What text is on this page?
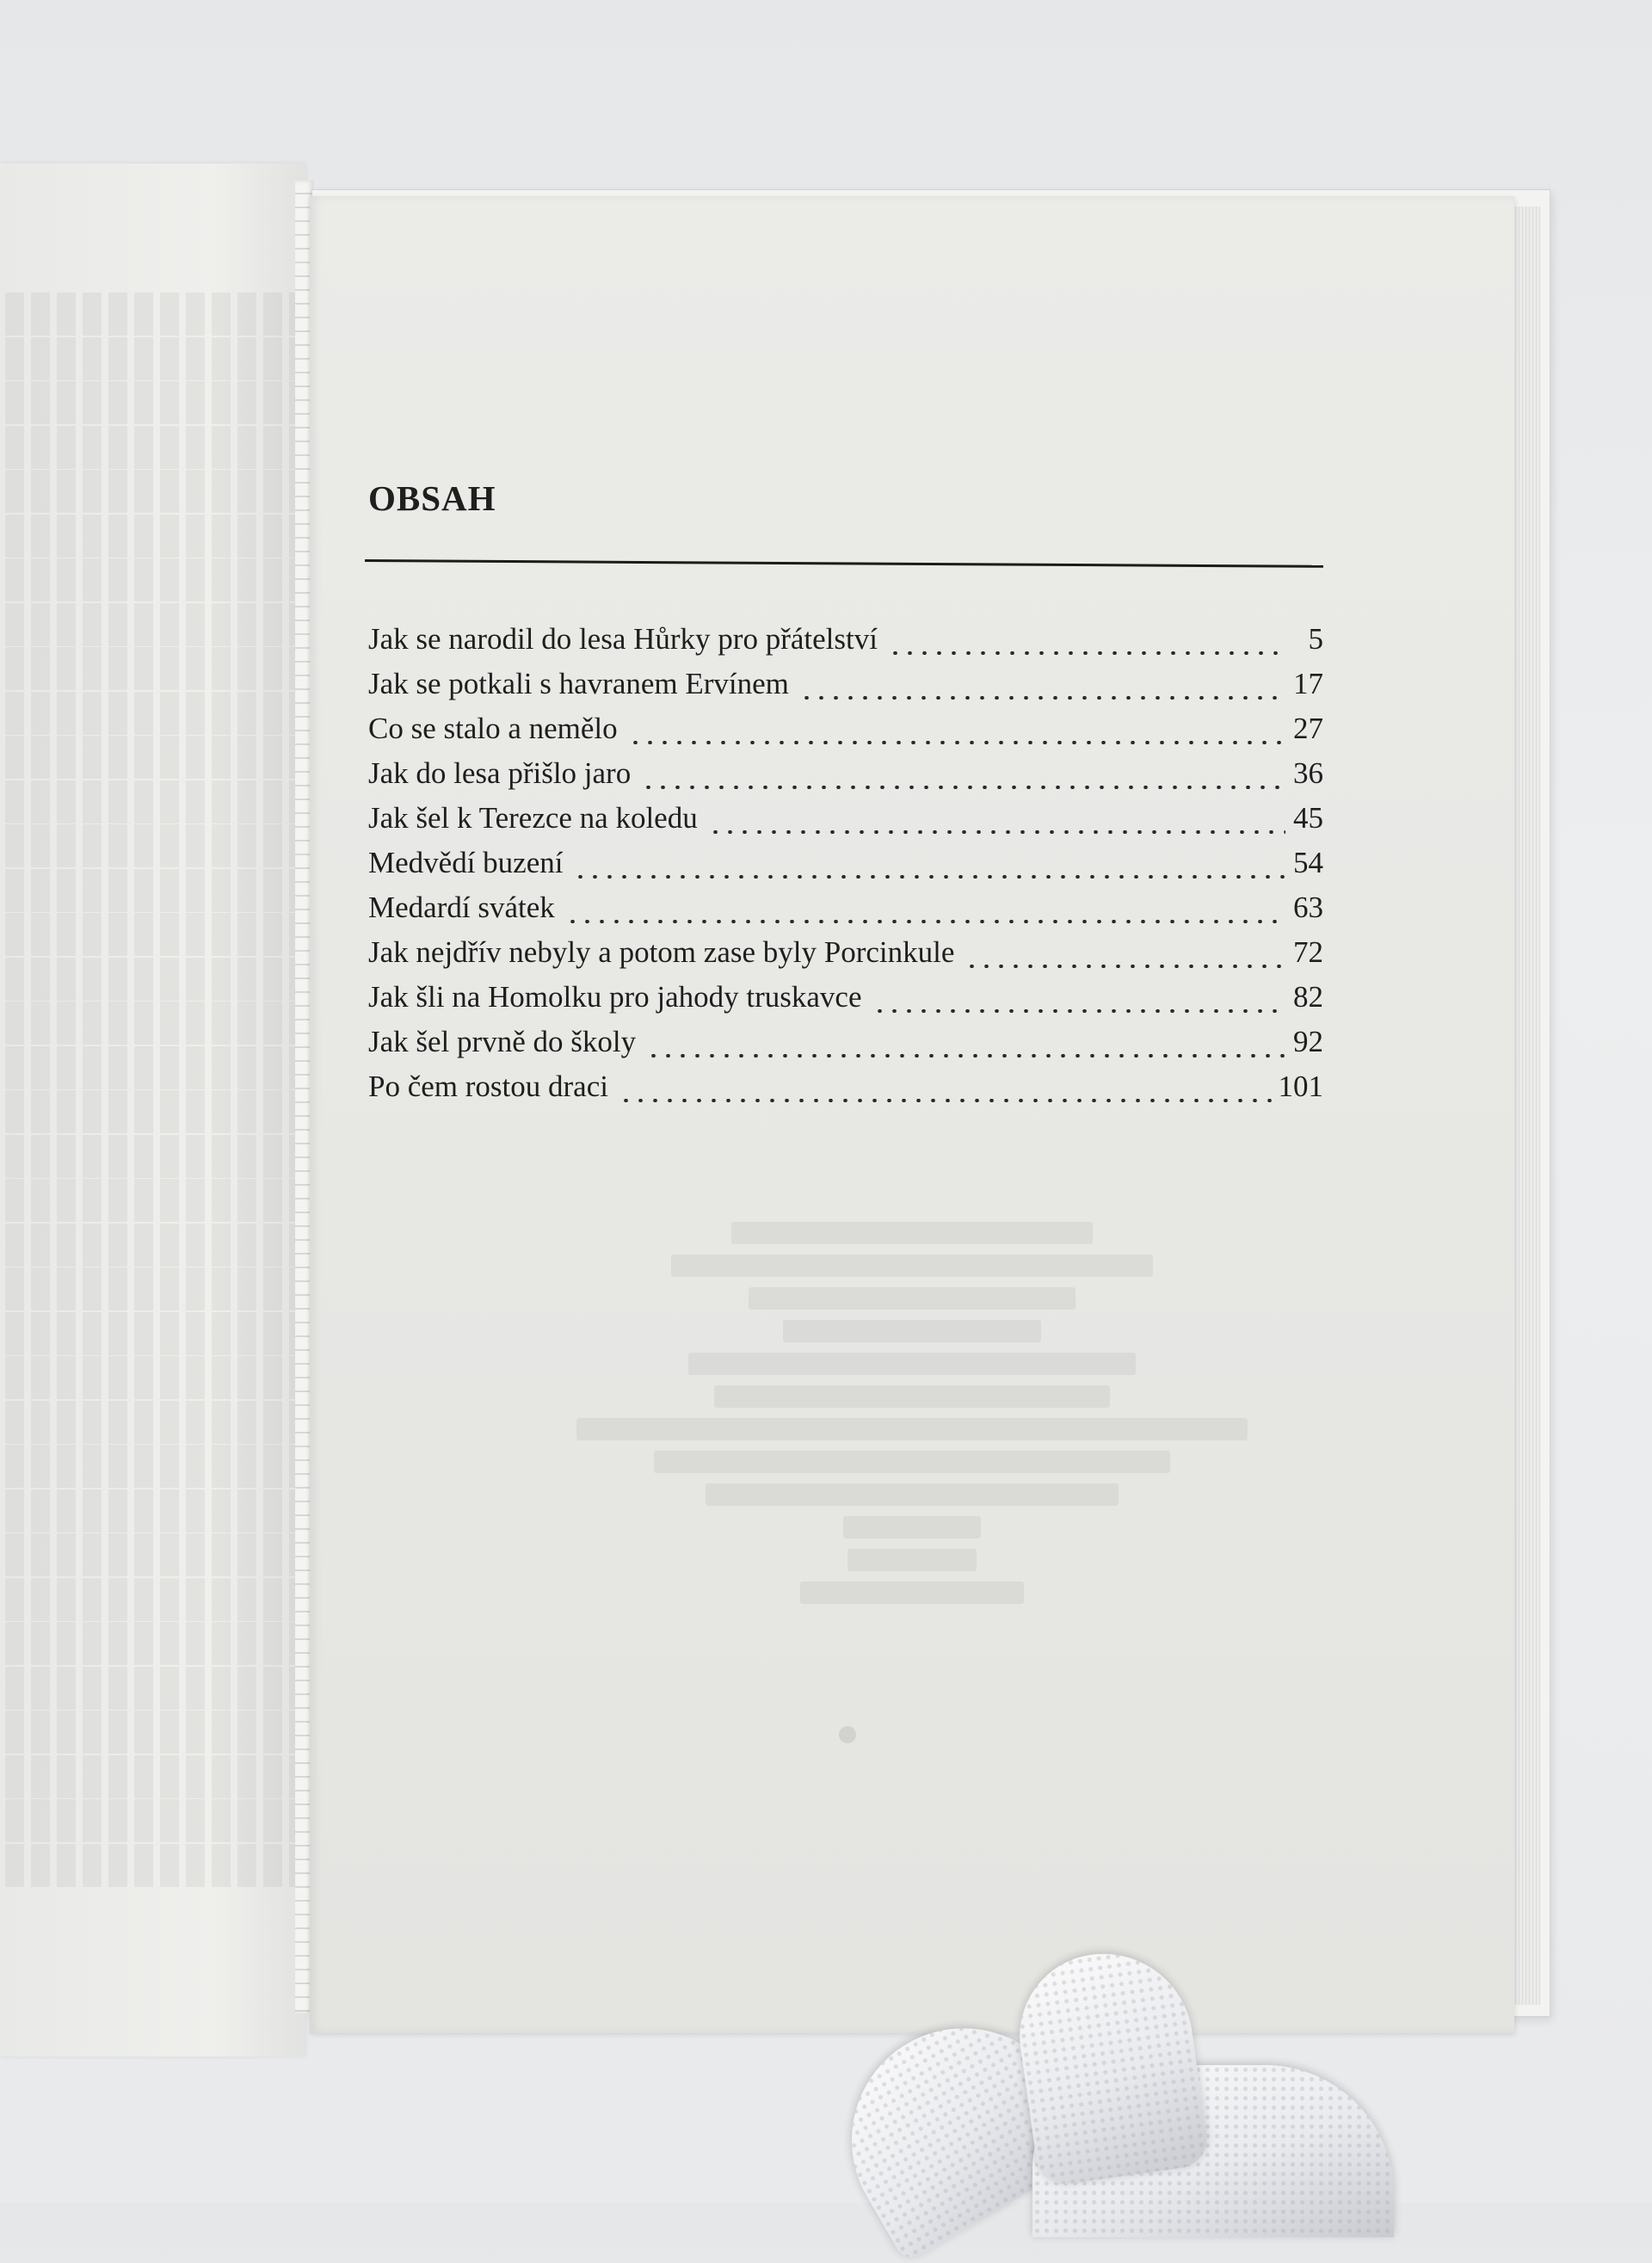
OBSAH
Jak se narodil do lesa Hůrky pro přátelství	5
Jak se potkali s havranem Ervínem	17
Co se stalo a nemělo	27
Jak do lesa přišlo jaro	36
Jak šel k Terezce na koledu	45
Medvědí buzení	54
Medardí svátek	63
Jak nejdřív nebyly a potom zase byly Porcinkule	72
Jak šli na Homolku pro jahody truskavce	82
Jak šel prvně do školy	92
Po čem rostou draci	101
